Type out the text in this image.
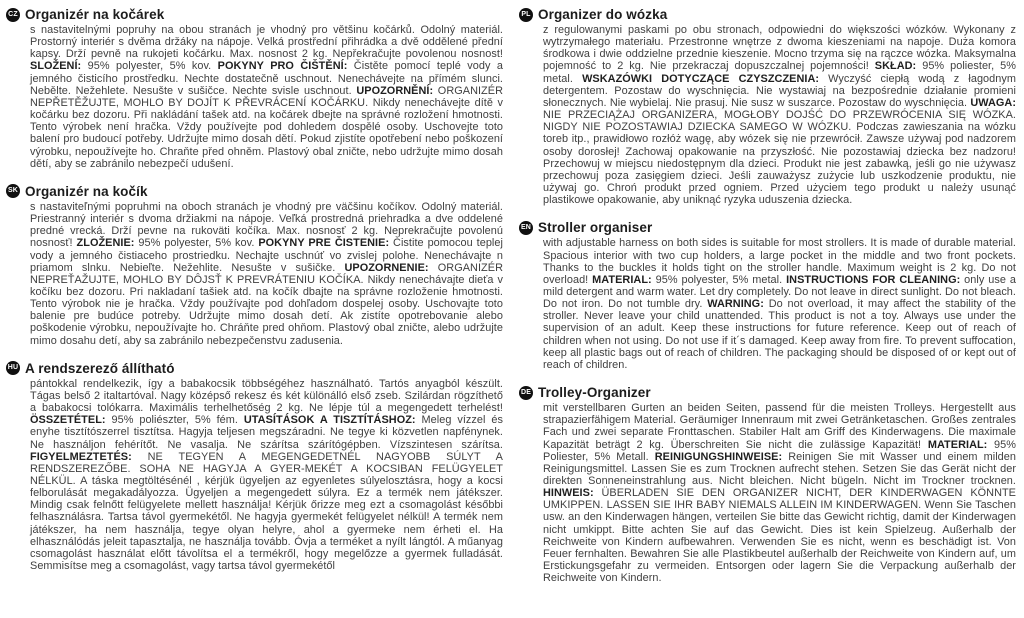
CZ Organizér na kočárek

s nastavitelnými popruhy na obou stranách je vhodný pro většinu kočárků. Odolný materiál. Prostorný interiér s dvěma držáky na nápoje. Velká prostřední přihrádka a dvě oddělené přední kapsy. Drží pevně na rukojeti kočárku. Max. nosnost 2 kg. Nepřekračujte povolenou nosnost! SLOŽENÍ: 95% polyester, 5% kov. POKYNY PRO ČIŠTĚNÍ: Čistěte pomocí teplé vody a jemného čisticího prostředku. Nechte dostatečně uschnout. Nenechávejte na přímém slunci. Nebělte. Nežehlete. Nesušte v sušičce. Nechte svisle uschnout. UPOZORNĚNÍ: ORGANIZÉR NEPŘETĚŽUJTE, MOHLO BY DOJÍT K PŘEVRÁCENÍ KOČÁRKU. Nikdy nenechávejte dítě v kočárku bez dozoru. Při nakládání tašek atd. na kočárek dbejte na správné rozložení hmotnosti. Tento výrobek není hračka. Vždy používejte pod dohledem dospělé osoby. Uschovejte toto balení pro budoucí potřeby. Udržujte mimo dosah dětí. Pokud zjistíte opotřebení nebo poškození výrobku, nepoužívejte ho. Chraňte před ohněm. Plastový obal zničte, nebo udržujte mimo dosah dětí, aby se zabránilo nebezpečí udušení.

SK Organizér na kočík

s nastaviteľnými popruhmi na oboch stranách je vhodný pre väčšinu kočíkov. Odolný materiál. Priestranný interiér s dvoma držiakmi na nápoje. Veľká prostredná priehradka a dve oddelené predné vrecká. Drží pevne na rukoväti kočíka. Max. nosnosť 2 kg. Neprekračujte povolenú nosnosť! ZLOŽENIE: 95% polyester, 5% kov. POKYNY PRE ČISTENIE: Čistite pomocou teplej vody a jemného čistiaceho prostriedku. Nechajte uschnúť vo zvislej polohe. Nenechávajte n priamom slnku. Nebieľte. Nežehlite. Nesušte v sušičke. UPOZORNENIE: ORGANIZÉR NEPREŤAŽUJTE, MOHLO BY DÔJSŤ K PREVRÁTENIU KOČÍKA. Nikdy nenechávajte dieťa v kočíku bez dozoru. Pri nakladaní tašiek atd. na kočík dbajte na správne rozloženie hmotnosti. Tento výrobok nie je hračka. Vždy používajte pod dohľadom dospelej osoby. Uschovajte toto balenie pre budúce potreby. Udržujte mimo dosah detí. Ak zistíte opotrebovanie alebo poškodenie výrobku, nepoužívajte ho. Chráňte pred ohňom. Plastový obal zničte, alebo udržujte mimo dosahu detí, aby sa zabránilo nebezpečenstvu zadusenia.

HU A rendszerező állítható

pántokkal rendelkezik, így a babakocsik többségéhez használható. Tartós anyagból készült. Tágas belső 2 italtartóval. Nagy középső rekesz és két különálló első zseb. Szilárdan rögzíthető a babakocsi tolókarra. Maximális terhelhetőség 2 kg. Ne lépje túl a megengedett terhelést! ÖSSZETÉTEL: 95% poliészter, 5% fém. UTASÍTÁSOK A TISZTÍTÁSHOZ: Meleg vízzel és enyhe tisztítószerrel tisztítsa. Hagyja teljesen megszáradni. Ne tegye ki közvetlen napfénynek. Ne használjon fehérítőt. Ne vasalja. Ne szárítsa szárítógépben. Vízszintesen szárítsa. FIGYELMEZTETÉS: NE TEGYEN A MEGENGEDETNÉL NAGYOBB SÚLYT A RENDSZEREZŐBE. SOHA NE HAGYJA A GYER-MEKÉT A KOCSIBAN FELÜGYELET NÉLKÜL. A táska megtöltésénél , kérjük ügyeljen az egyenletes súlyelosztásra, hogy a kocsi felborulását megakadályozza. Ügyeljen a megengedett súlyra. Ez a termék nem játékszer. Mindig csak felnőtt felügyelete mellett használja! Kérjük őrizze meg ezt a csomagolást későbbi felhasználásra. Tartsa távol gyermekétől. Ne hagyja gyermekét felügyelet nélkül! A termék nem játékszer, ha nem használja, tegye olyan helyre, ahol a gyermeke nem érheti el. Ha elhasználódás jeleit tapasztalja, ne használja tovább. Óvja a terméket a nyílt lángtól. A műanyag csomagolást használat előtt távolítsa el a termékről, hogy megelőzze a gyermek fulladását. Semmisítse meg a csomagolást, vagy tartsa távol gyermekétől

PL Organizer do wózka

z regulowanymi paskami po obu stronach, odpowiedni do większości wózków. Wykonany z wytrzymałego materiału. Przestronne wnętrze z dwoma kieszeniami na napoje. Duża komora środkowa i dwie oddzielne przednie kieszenie. Mocno trzyma się na rączce wózka. Maksymalna pojemność to 2 kg. Nie przekraczaj dopuszczalnej pojemności! SKŁAD: 95% poliester, 5% metal. WSKAZÓWKI DOTYCZĄCE CZYSZCZENIA: Wyczyść ciepłą wodą z łagodnym detergentem. Pozostaw do wyschnięcia. Nie wystawiaj na bezpośrednie działanie promieni słonecznych. Nie wybielaj. Nie prasuj. Nie susz w suszarce. Pozostaw do wyschnięcia. UWAGA: NIE PRZECIĄŻAJ ORGANIZERA, MOGŁOBY DOJŚĆ DO PRZEWRÓCENIA SIĘ WÓZKA. NIGDY NIE POZOSTAWIAJ DZIECKA SAMEGO W WÓZKU. Podczas zawieszania na wózku toreb itp., prawidłowo rozłóż wagę, aby wózek się nie przewrócił. Zawsze używaj pod nadzorem osoby dorosłej! Zachowaj opakowanie na przyszłość. Nie pozostawiaj dziecka bez nadzoru! Przechowuj w miejscu niedostępnym dla dzieci. Produkt nie jest zabawką, jeśli go nie używasz przechowuj poza zasięgiem dzieci. Jeśli zauważysz zużycie lub uszkodzenie produktu, nie używaj go. Chroń produkt przed ogniem. Przed użyciem tego produkt u należy usunąć plastikowe opakowanie, aby uniknąć ryzyka uduszenia dziecka.

EN Stroller organiser

with adjustable harness on both sides is suitable for most strollers. It is made of durable material. Spacious interior with two cup holders, a large pocket in the middle and two front pockets. Thanks to the buckles it holds tight on the stroller handle. Maximum weight is 2 kg. Do not overload! MATERIAL: 95% polyester, 5% metal. INSTRUCTIONS FOR CLEANING: only use a mild detergent and warm water. Let dry completely. Do not leave in direct sunlight. Do not bleach. Do not iron. Do not tumble dry. WARNING: Do not overload, it may affect the stability of the stroller. Never leave your child unattended. This product is not a toy. Always use under the supervision of an adult. Keep these instructions for future reference. Keep out of reach of children when not using. Do not use if it´s damaged. Keep away from fire. To prevent suffocation, keep all plastic bags out of reach of children. The packaging should be disposed of or kept out of reach of children.

DE Trolley-Organizer

mit verstellbaren Gurten an beiden Seiten, passend für die meisten Trolleys. Hergestellt aus strapazierfähigem Material. Geräumiger Innenraum mit zwei Getränketaschen. Großes zentrales Fach und zwei separate Fronttaschen. Stabiler Halt am Griff des Kinderwagens. Die maximale Kapazität beträgt 2 kg. Überschreiten Sie nicht die zulässige Kapazität! MATERIAL: 95% Poliester, 5% Metall. REINIGUNGSHINWEISE: Reinigen Sie mit Wasser und einem milden Reinigungsmittel. Lassen Sie es zum Trocknen aufrecht stehen. Setzen Sie das Gerät nicht der direkten Sonneneinstrahlung aus. Nicht bleichen. Nicht bügeln. Nicht im Trockner trocknen. HINWEIS: ÜBERLADEN SIE DEN ORGANIZER NICHT, DER KINDERWAGEN KÖNNTE UMKIPPEN. LASSEN SIE IHR BABY NIEMALS ALLEIN IM KINDERWAGEN. Wenn Sie Taschen usw. an den Kinderwagen hängen, verteilen Sie bitte das Gewicht richtig, damit der Kinderwagen nicht umkippt. Bitte achten Sie auf das Gewicht. Dies ist kein Spielzeug. Außerhalb der Reichweite von Kindern aufbewahren. Verwenden Sie es nicht, wenn es beschädigt ist. Von Feuer fernhalten. Bewahren Sie alle Plastikbeutel außerhalb der Reichweite von Kindern auf, um Erstickungsgefahr zu vermeiden. Entsorgen oder lagern Sie die Verpackung außerhalb der Reichweite von Kindern.
